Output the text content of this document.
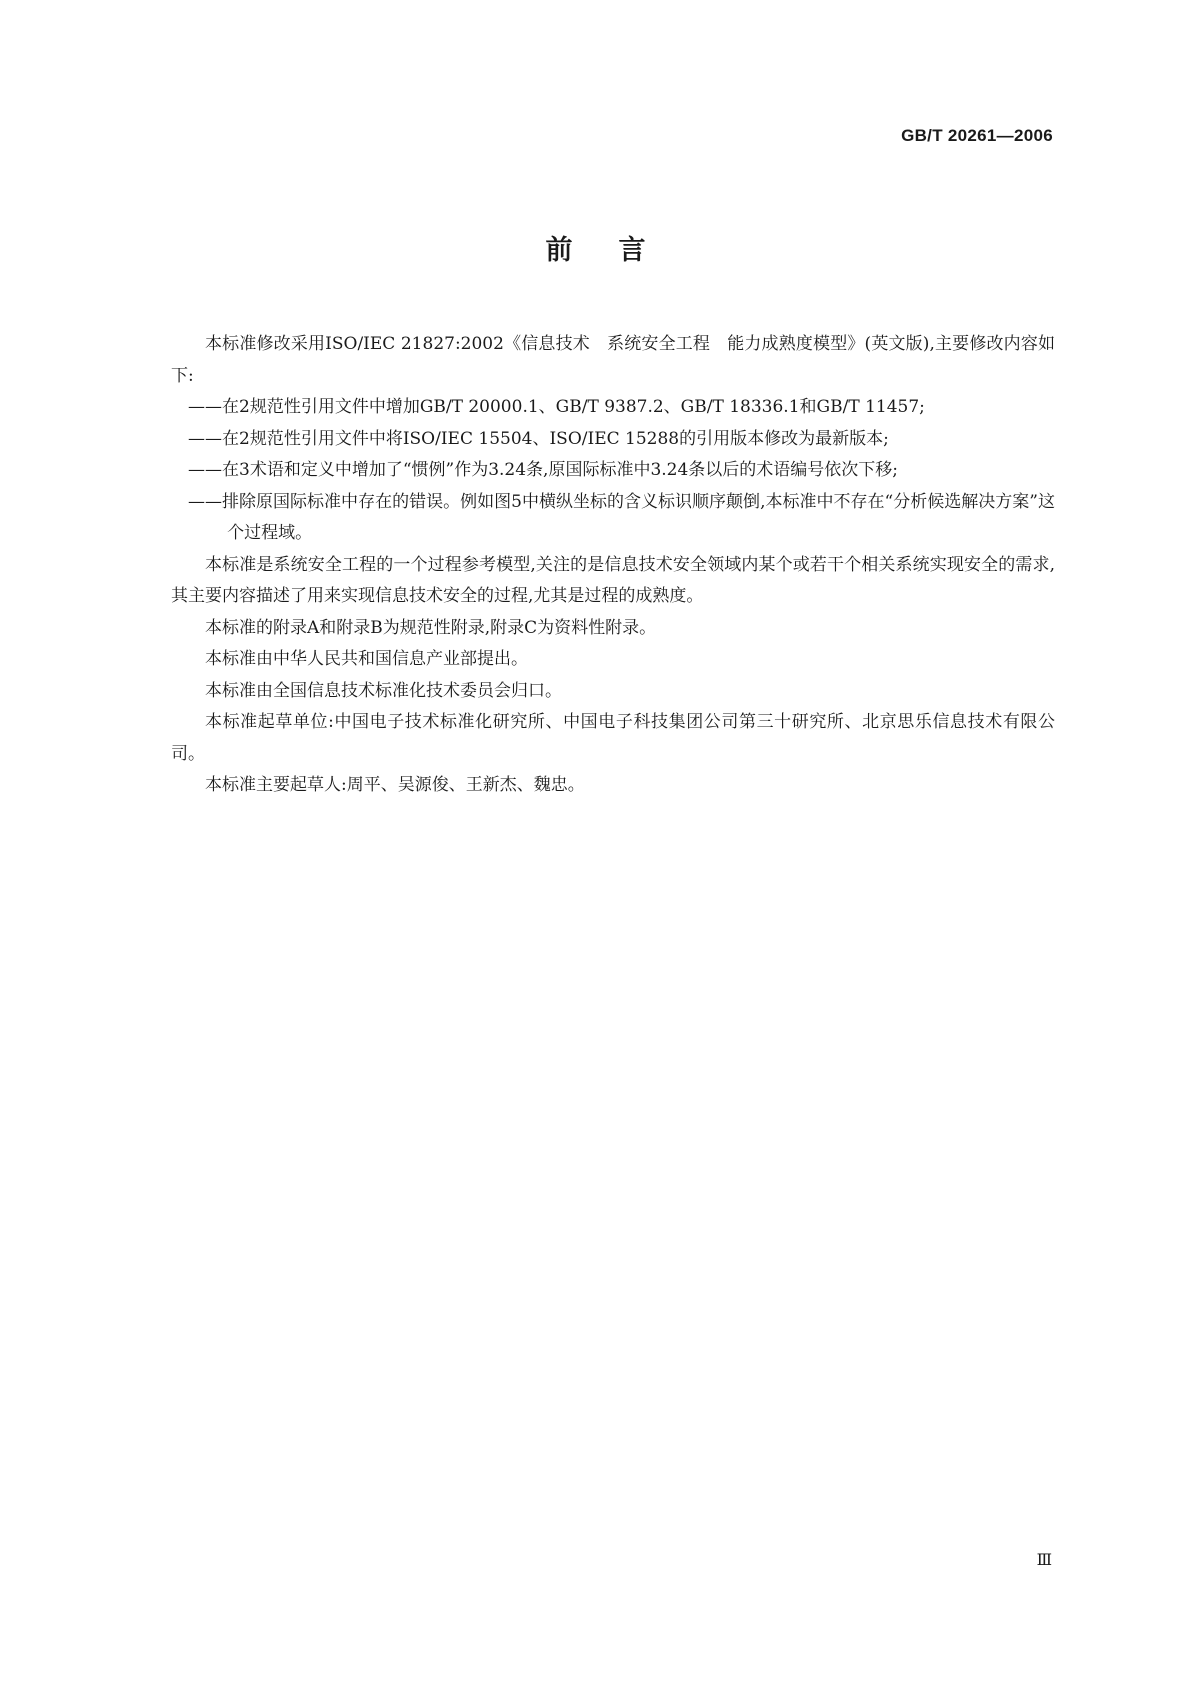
GB/T 20261—2006
前言

本标准修改采用ISO/IEC 21827:2002《信息技术　系统安全工程　能力成熟度模型》(英文版),主要修改内容如下:

——在2规范性引用文件中增加GB/T 20000.1、GB/T 9387.2、GB/T 18336.1和GB/T 11457;

——在2规范性引用文件中将ISO/IEC 15504、ISO/IEC 15288的引用版本修改为最新版本;

——在3术语和定义中增加了“惯例”作为3.24条,原国际标准中3.24条以后的术语编号依次下移;

——排除原国际标准中存在的错误。例如图5中横纵坐标的含义标识顺序颠倒,本标准中不存在“分析候选解决方案”这个过程域。

本标准是系统安全工程的一个过程参考模型,关注的是信息技术安全领域内某个或若干个相关系统实现安全的需求,其主要内容描述了用来实现信息技术安全的过程,尤其是过程的成熟度。

本标准的附录A和附录B为规范性附录,附录C为资料性附录。

本标准由中华人民共和国信息产业部提出。

本标准由全国信息技术标准化技术委员会归口。

本标准起草单位:中国电子技术标准化研究所、中国电子科技集团公司第三十研究所、北京思乐信息技术有限公司。

本标准主要起草人:周平、吴源俊、王新杰、魏忠。

Ⅲ
